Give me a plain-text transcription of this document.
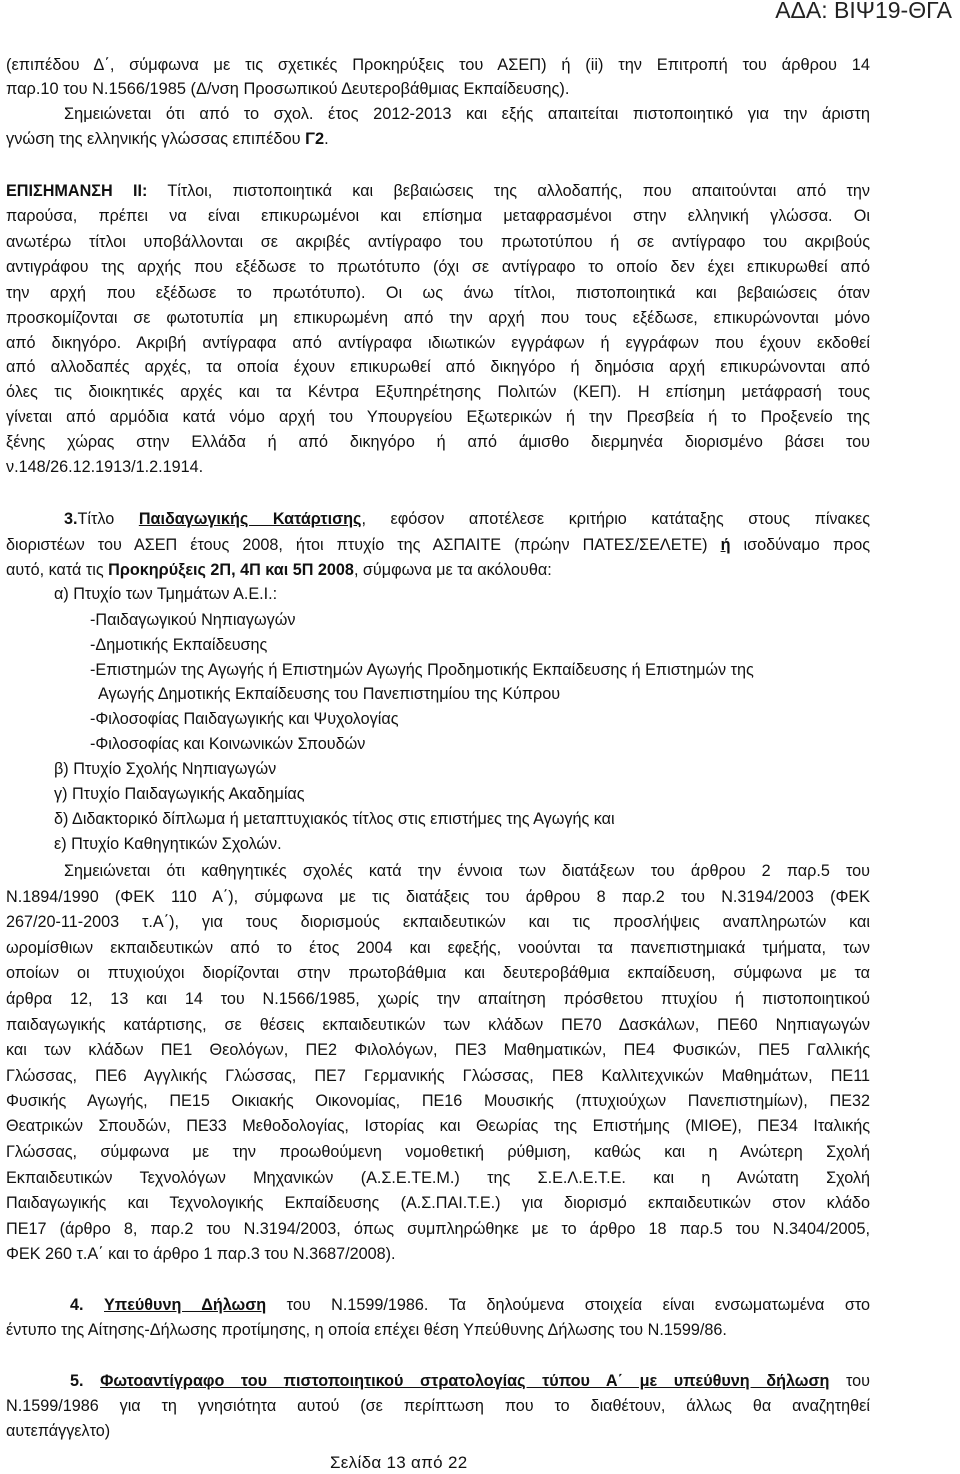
ΑΔΑ: ΒΙΨ19-ΘΓΑ
(επιπέδου Δ΄, σύμφωνα με τις σχετικές Προκηρύξεις του ΑΣΕΠ) ή (ii) την Επιτροπή του άρθρου 14
παρ.10 του Ν.1566/1985 (Δ/νση Προσωπικού Δευτεροβάθμιας Εκπαίδευσης).
Σημειώνεται ότι από το σχολ. έτος 2012-2013 και εξής απαιτείται πιστοποιητικό για την άριστη
γνώση της ελληνικής γλώσσας επιπέδου Γ2.
ΕΠΙΣΗΜΑΝΣΗ ΙΙ: Τίτλοι, πιστοποιητικά και βεβαιώσεις της αλλοδαπής, που απαιτούνται από την
παρούσα, πρέπει να είναι επικυρωμένοι και επίσημα μεταφρασμένοι στην ελληνική γλώσσα. Οι
ανωτέρω τίτλοι υποβάλλονται σε ακριβές αντίγραφο του πρωτοτύπου ή σε αντίγραφο του ακριβούς
αντιγράφου της αρχής που εξέδωσε το πρωτότυπο (όχι σε αντίγραφο το οποίο δεν έχει επικυρωθεί από
την αρχή που εξέδωσε το πρωτότυπο). Οι ως άνω τίτλοι, πιστοποιητικά και βεβαιώσεις όταν
προσκομίζονται σε φωτοτυπία μη επικυρωμένη από την αρχή που τους εξέδωσε, επικυρώνονται μόνο
από δικηγόρο. Ακριβή αντίγραφα από αντίγραφα ιδιωτικών εγγράφων ή εγγράφων που έχουν εκδοθεί
από αλλοδαπές αρχές, τα οποία έχουν επικυρωθεί από δικηγόρο ή δημόσια αρχή επικυρώνονται από
όλες τις διοικητικές αρχές και τα Κέντρα Εξυπηρέτησης Πολιτών (ΚΕΠ). Η επίσημη μετάφρασή τους
γίνεται από αρμόδια κατά νόμο αρχή του Υπουργείου Εξωτερικών ή την Πρεσβεία ή το Προξενείο της
ξένης χώρας στην Ελλάδα ή από δικηγόρο ή από άμισθο διερμηνέα διορισμένο βάσει του
ν.148/26.12.1913/1.2.1914.
3.Τίτλο Παιδαγωγικής Κατάρτισης, εφόσον αποτέλεσε κριτήριο κατάταξης στους πίνακες
διοριστέων του ΑΣΕΠ έτους 2008, ήτοι πτυχίο της ΑΣΠΑΙΤΕ (πρώην ΠΑΤΕΣ/ΣΕΛΕΤΕ) ή ισοδύναμο προς
αυτό, κατά τις Προκηρύξεις 2Π, 4Π και 5Π 2008, σύμφωνα με τα ακόλουθα:
α) Πτυχίο των Τμημάτων Α.Ε.Ι.:
-Παιδαγωγικού Νηπιαγωγών
-Δημοτικής Εκπαίδευσης
-Επιστημών της Αγωγής ή Επιστημών Αγωγής Προδημοτικής Εκπαίδευσης ή Επιστημών της
Αγωγής Δημοτικής Εκπαίδευσης του Πανεπιστημίου της Κύπρου
-Φιλοσοφίας Παιδαγωγικής και Ψυχολογίας
-Φιλοσοφίας και Κοινωνικών Σπουδών
β) Πτυχίο Σχολής Νηπιαγωγών
γ) Πτυχίο Παιδαγωγικής Ακαδημίας
δ) Διδακτορικό δίπλωμα ή μεταπτυχιακός τίτλος στις επιστήμες της Αγωγής και
ε) Πτυχίο Καθηγητικών Σχολών.
Σημειώνεται ότι καθηγητικές σχολές κατά την έννοια των διατάξεων του άρθρου 2 παρ.5 του
Ν.1894/1990 (ΦΕΚ 110 Α΄), σύμφωνα με τις διατάξεις του άρθρου 8 παρ.2 του Ν.3194/2003 (ΦΕΚ
267/20-11-2003 τ.Α΄), για τους διορισμούς εκπαιδευτικών και τις προσλήψεις αναπληρωτών και
ωρομίσθιων εκπαιδευτικών από το έτος 2004 και εφεξής, νοούνται τα πανεπιστημιακά τμήματα, των
οποίων οι πτυχιούχοι διορίζονται στην πρωτοβάθμια και δευτεροβάθμια εκπαίδευση, σύμφωνα με τα
άρθρα 12, 13 και 14 του Ν.1566/1985, χωρίς την απαίτηση πρόσθετου πτυχίου ή πιστοποιητικού
παιδαγωγικής κατάρτισης, σε θέσεις εκπαιδευτικών των κλάδων ΠΕ70 Δασκάλων, ΠΕ60 Νηπιαγωγών
και των κλάδων ΠΕ1 Θεολόγων, ΠΕ2 Φιλολόγων, ΠΕ3 Μαθηματικών, ΠΕ4 Φυσικών, ΠΕ5 Γαλλικής
Γλώσσας, ΠΕ6 Αγγλικής Γλώσσας, ΠΕ7 Γερμανικής Γλώσσας, ΠΕ8 Καλλιτεχνικών Μαθημάτων, ΠΕ11
Φυσικής Αγωγής, ΠΕ15 Οικιακής Οικονομίας, ΠΕ16 Μουσικής (πτυχιούχων Πανεπιστημίων), ΠΕ32
Θεατρικών Σπουδών, ΠΕ33 Μεθοδολογίας, Ιστορίας και Θεωρίας της Επιστήμης (ΜΙΘΕ), ΠΕ34 Ιταλικής
Γλώσσας, σύμφωνα με την προωθούμενη νομοθετική ρύθμιση, καθώς και η Ανώτερη Σχολή
Εκπαιδευτικών Τεχνολόγων Μηχανικών (Α.Σ.Ε.ΤΕ.Μ.) της Σ.Ε.Λ.Ε.Τ.Ε. και η Ανώτατη Σχολή
Παιδαγωγικής και Τεχνολογικής Εκπαίδευσης (Α.Σ.ΠΑΙ.Τ.Ε.) για διορισμό εκπαιδευτικών στον κλάδο
ΠΕ17 (άρθρο 8, παρ.2 του Ν.3194/2003, όπως συμπληρώθηκε με το άρθρο 18 παρ.5 του Ν.3404/2005,
ΦΕΚ 260 τ.Α΄ και το άρθρο 1 παρ.3 του Ν.3687/2008).
4. Υπεύθυνη Δήλωση του Ν.1599/1986. Τα δηλούμενα στοιχεία είναι ενσωματωμένα στο
έντυπο της Αίτησης-Δήλωσης προτίμησης, η οποία επέχει θέση Υπεύθυνης Δήλωσης του Ν.1599/86.
5. Φωτοαντίγραφο του πιστοποιητικού στρατολογίας τύπου Α΄ με υπεύθυνη δήλωση του
Ν.1599/1986 για τη γνησιότητα αυτού (σε περίπτωση που το διαθέτουν, άλλως θα αναζητηθεί
αυτεπάγγελτο)
Σελίδα 13 από 22
